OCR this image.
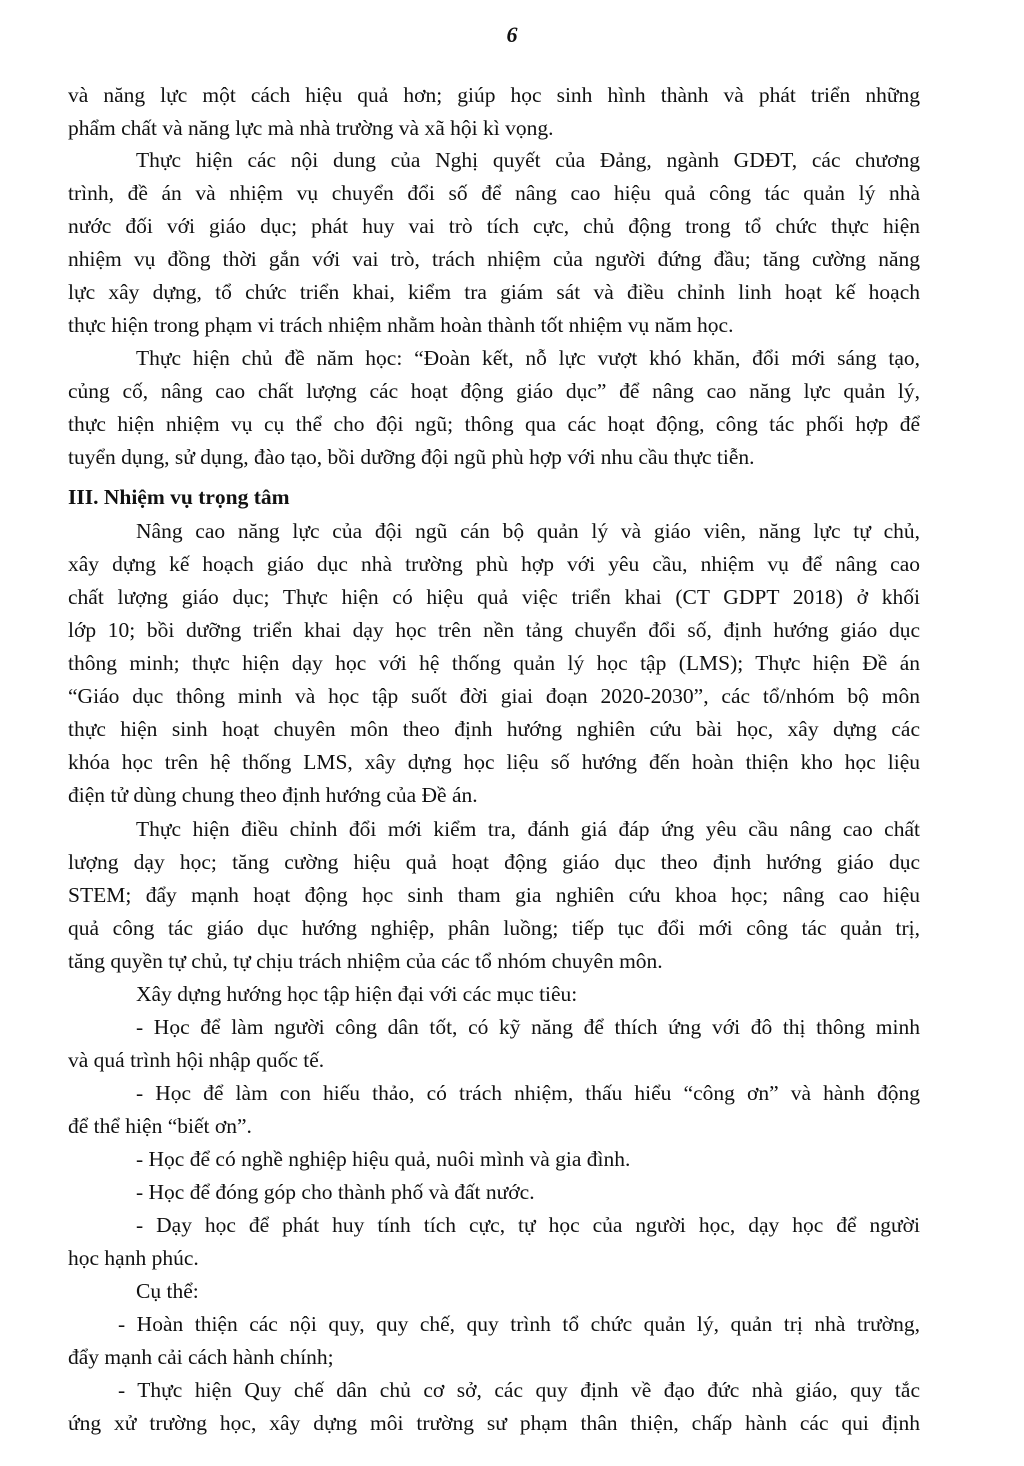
6
và năng lực một cách hiệu quả hơn; giúp học sinh hình thành và phát triển những
phẩm chất và năng lực mà nhà trường và xã hội kì vọng.
Thực hiện các nội dung của Nghị quyết của Đảng, ngành GDĐT, các chương
trình, đề án và nhiệm vụ chuyển đổi số để nâng cao hiệu quả công tác quản lý nhà
nước đối với giáo dục; phát huy vai trò tích cực, chủ động trong tổ chức thực hiện
nhiệm vụ đồng thời gắn với vai trò, trách nhiệm của người đứng đầu; tăng cường năng
lực xây dựng, tổ chức triển khai, kiểm tra giám sát và điều chỉnh linh hoạt kế hoạch
thực hiện trong phạm vi trách nhiệm nhằm hoàn thành tốt nhiệm vụ năm học.
Thực hiện chủ đề năm học: “Đoàn kết, nỗ lực vượt khó khăn, đổi mới sáng tạo,
củng cố, nâng cao chất lượng các hoạt động giáo dục” để nâng cao năng lực quản lý,
thực hiện nhiệm vụ cụ thể cho đội ngũ; thông qua các hoạt động, công tác phối hợp để
tuyển dụng, sử dụng, đào tạo, bồi dưỡng đội ngũ phù hợp với nhu cầu thực tiễn.
III. Nhiệm vụ trọng tâm
Nâng cao năng lực của đội ngũ cán bộ quản lý và giáo viên, năng lực tự chủ,
xây dựng kế hoạch giáo dục nhà trường phù hợp với yêu cầu, nhiệm vụ để nâng cao
chất lượng giáo dục; Thực hiện có hiệu quả việc triển khai (CT GDPT 2018) ở khối
lớp 10; bồi dưỡng triển khai dạy học trên nền tảng chuyển đổi số, định hướng giáo dục
thông minh; thực hiện dạy học với hệ thống quản lý học tập (LMS); Thực hiện Đề án
“Giáo dục thông minh và học tập suốt đời giai đoạn 2020-2030”, các tổ/nhóm bộ môn
thực hiện sinh hoạt chuyên môn theo định hướng nghiên cứu bài học, xây dựng các
khóa học trên hệ thống LMS, xây dựng học liệu số hướng đến hoàn thiện kho học liệu
điện tử dùng chung theo định hướng của Đề án.
Thực hiện điều chỉnh đổi mới kiểm tra, đánh giá đáp ứng yêu cầu nâng cao chất
lượng dạy học; tăng cường hiệu quả hoạt động giáo dục theo định hướng giáo dục
STEM; đẩy mạnh hoạt động học sinh tham gia nghiên cứu khoa học; nâng cao hiệu
quả công tác giáo dục hướng nghiệp, phân luồng; tiếp tục đổi mới công tác quản trị,
tăng quyền tự chủ, tự chịu trách nhiệm của các tổ nhóm chuyên môn.
Xây dựng hướng học tập hiện đại với các mục tiêu:
- Học để làm người công dân tốt, có kỹ năng để thích ứng với đô thị thông minh
và quá trình hội nhập quốc tế.
- Học để làm con hiếu thảo, có trách nhiệm, thấu hiểu “công ơn” và hành động
để thể hiện “biết ơn”.
- Học để có nghề nghiệp hiệu quả, nuôi mình và gia đình.
- Học để đóng góp cho thành phố và đất nước.
- Dạy học để phát huy tính tích cực, tự học của người học, dạy học để người
học hạnh phúc.
Cụ thể:
- Hoàn thiện các nội quy, quy chế, quy trình tổ chức quản lý, quản trị nhà trường,
đẩy mạnh cải cách hành chính;
- Thực hiện Quy chế dân chủ cơ sở, các quy định về đạo đức nhà giáo, quy tắc
ứng xử trường học, xây dựng môi trường sư phạm thân thiện, chấp hành các qui định
